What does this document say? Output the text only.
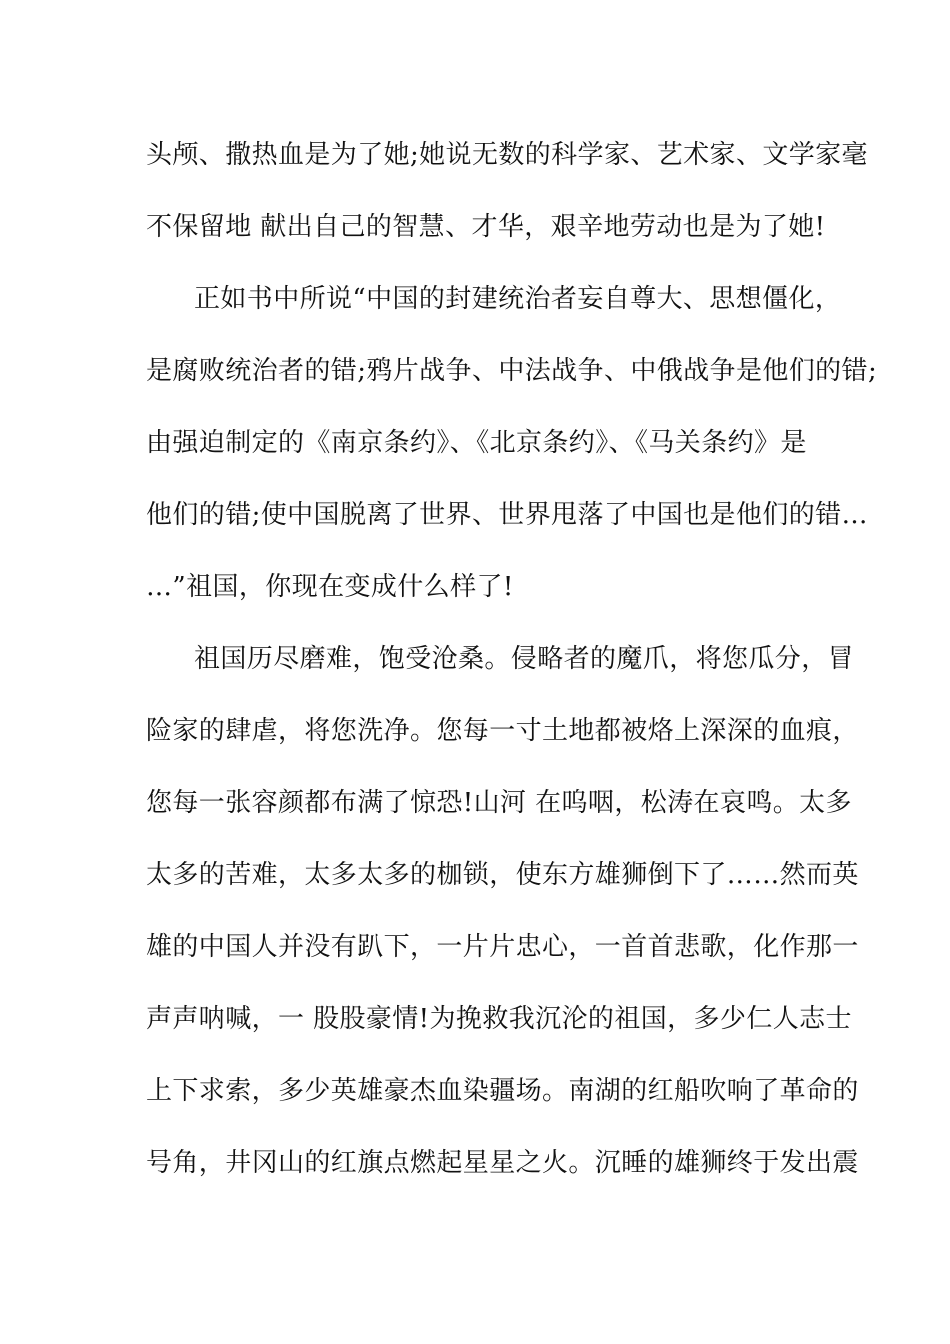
头颅、撒热血是为了她;她说无数的科学家、艺术家、文学家毫
不保留地 献出自己的智慧、才华，艰辛地劳动也是为了她!
正如书中所说“中国的封建统治者妄自尊大、思想僵化，
是腐败统治者的错;鸦片战争、中法战争、中俄战争是他们的错;
由强迫制定的《南京条约》、《北京条约》、《马关条约》是
他们的错;使中国脱离了世界、世界甩落了中国也是他们的错…
…”祖国，你现在变成什么样了!
祖国历尽磨难，饱受沧桑。侵略者的魔爪，将您瓜分，冒
险家的肆虐，将您洗净。您每一寸土地都被烙上深深的血痕，
您每一张容颜都布满了惊恐!山河 在呜咽，松涛在哀鸣。太多
太多的苦难，太多太多的枷锁，使东方雄狮倒下了……然而英
雄的中国人并没有趴下，一片片忠心，一首首悲歌，化作那一
声声呐喊，一 股股豪情!为挽救我沉沦的祖国，多少仁人志士
上下求索，多少英雄豪杰血染疆场。南湖的红船吹响了革命的
号角，井冈山的红旗点燃起星星之火。沉睡的雄狮终于发出震
